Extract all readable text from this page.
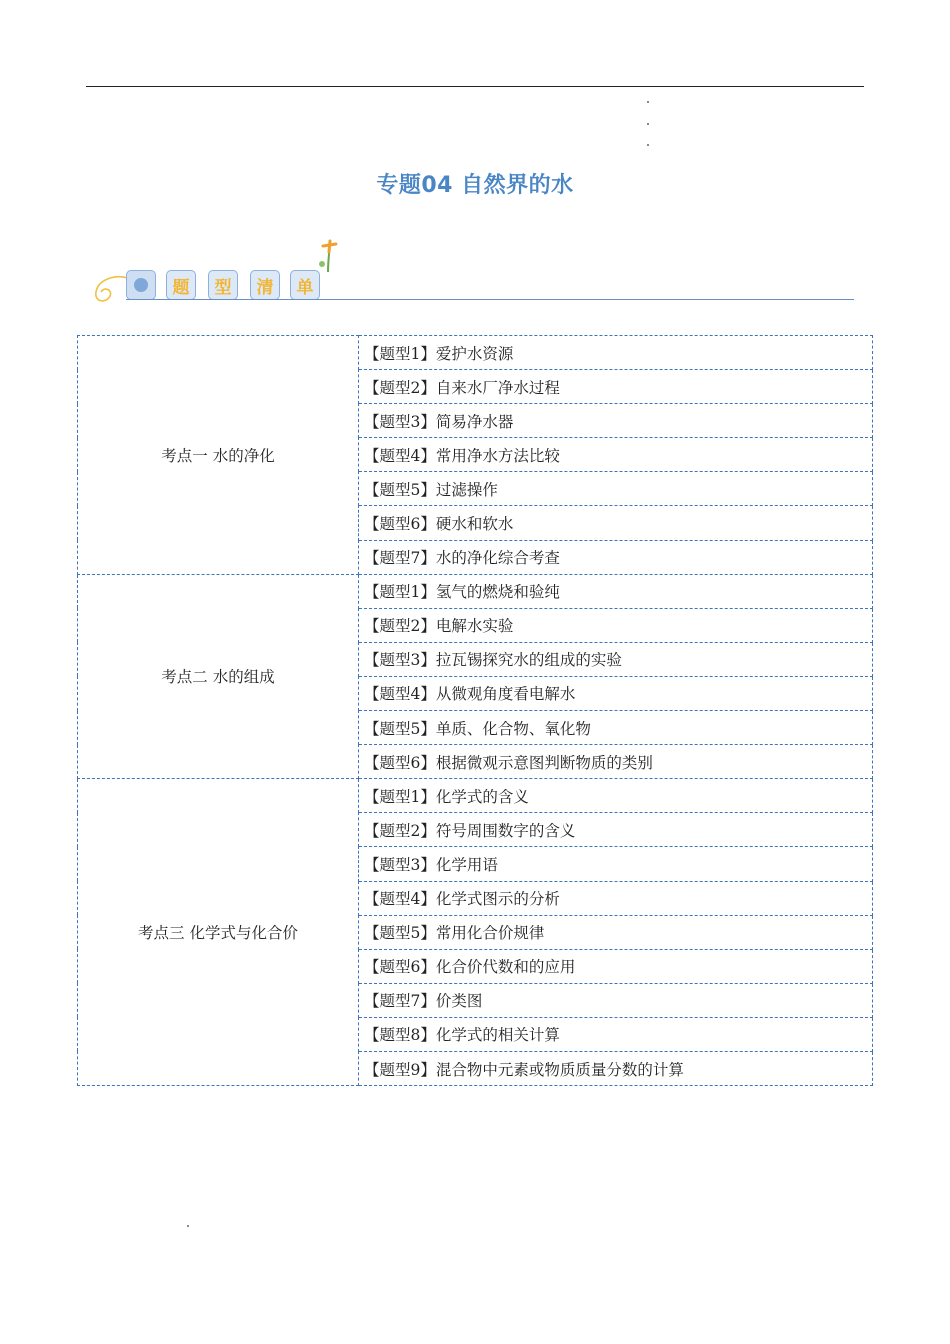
专题04 自然界的水
题	型	清	单
考点一 水的净化	【题型1】爱护水资源
	【题型2】自来水厂净水过程
	【题型3】简易净水器
	【题型4】常用净水方法比较
	【题型5】过滤操作
	【题型6】硬水和软水
	【题型7】水的净化综合考查
考点二 水的组成	【题型1】氢气的燃烧和验纯
	【题型2】电解水实验
	【题型3】拉瓦锡探究水的组成的实验
	【题型4】从微观角度看电解水
	【题型5】单质、化合物、氧化物
	【题型6】根据微观示意图判断物质的类别
考点三 化学式与化合价	【题型1】化学式的含义
	【题型2】符号周围数字的含义
	【题型3】化学用语
	【题型4】化学式图示的分析
	【题型5】常用化合价规律
	【题型6】化合价代数和的应用
	【题型7】价类图
	【题型8】化学式的相关计算
	【题型9】混合物中元素或物质质量分数的计算
